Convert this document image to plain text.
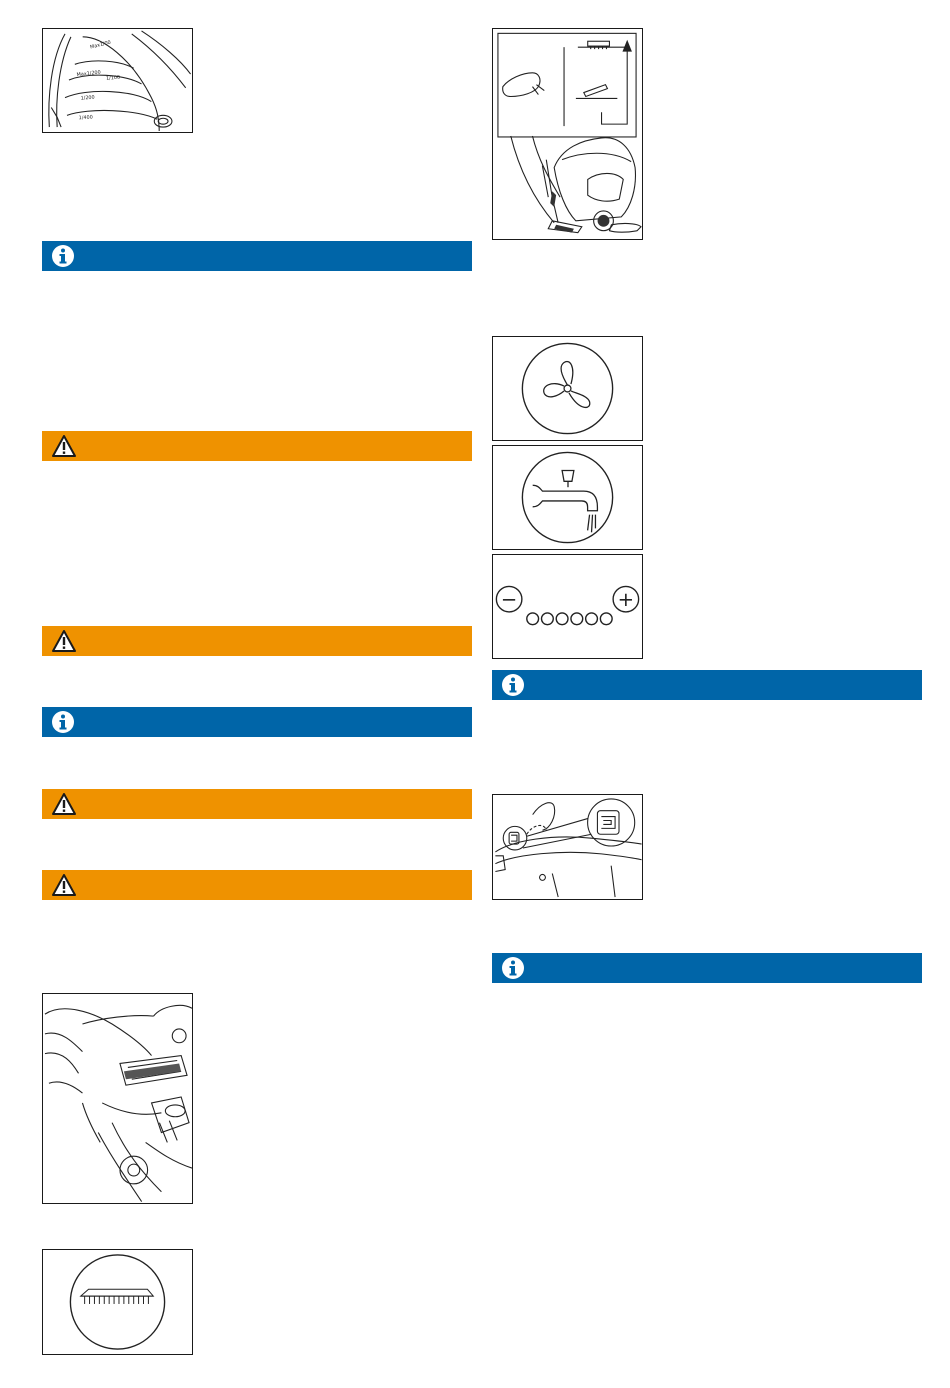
Max1/00
Max1/200
1/100
1/200
1/400
−	+
